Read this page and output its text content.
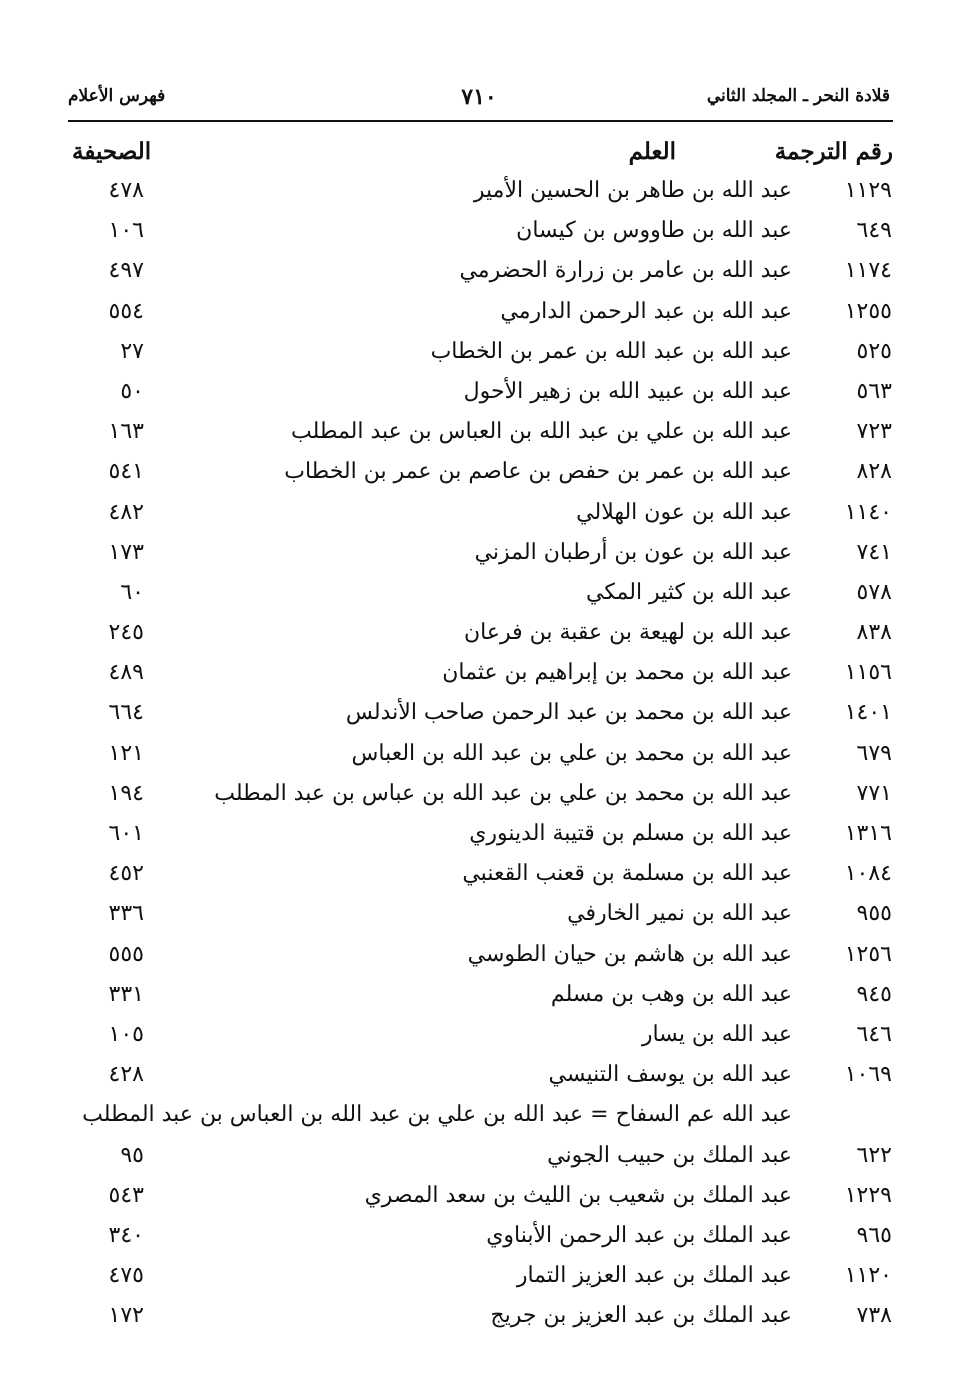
قلادة النحر ـ المجلد الثاني
٧١٠
فهرس الأعلام
رقم الترجمة
العلم
الصحيفة
١١٢٩
عبد الله بن طاهر بن الحسين الأمير
٤٧٨
٦٤٩
عبد الله بن طاووس بن كيسان
١٠٦
١١٧٤
عبد الله بن عامر بن زرارة الحضرمي
٤٩٧
١٢٥٥
عبد الله بن عبد الرحمن الدارمي
٥٥٤
٥٢٥
عبد الله بن عبد الله بن عمر بن الخطاب
٢٧
٥٦٣
عبد الله بن عبيد الله بن زهير الأحول
٥٠
٧٢٣
عبد الله بن علي بن عبد الله بن العباس بن عبد المطلب
١٦٣
٨٢٨
عبد الله بن عمر بن حفص بن عاصم بن عمر بن الخطاب
٥٤١
١١٤٠
عبد الله بن عون الهلالي
٤٨٢
٧٤١
عبد الله بن عون بن أرطبان المزني
١٧٣
٥٧٨
عبد الله بن كثير المكي
٦٠
٨٣٨
عبد الله بن لهيعة بن عقبة بن فرعان
٢٤٥
١١٥٦
عبد الله بن محمد بن إبراهيم بن عثمان
٤٨٩
١٤٠١
عبد الله بن محمد بن عبد الرحمن صاحب الأندلس
٦٦٤
٦٧٩
عبد الله بن محمد بن علي بن عبد الله بن العباس
١٢١
٧٧١
عبد الله بن محمد بن علي بن عبد الله بن عباس بن عبد المطلب
١٩٤
١٣١٦
عبد الله بن مسلم بن قتيبة الدينوري
٦٠١
١٠٨٤
عبد الله بن مسلمة بن قعنب القعنبي
٤٥٢
٩٥٥
عبد الله بن نمير الخارفي
٣٣٦
١٢٥٦
عبد الله بن هاشم بن حيان الطوسي
٥٥٥
٩٤٥
عبد الله بن وهب بن مسلم
٣٣١
٦٤٦
عبد الله بن يسار
١٠٥
١٠٦٩
عبد الله بن يوسف التنيسي
٤٢٨
عبد الله عم السفاح = عبد الله بن علي بن عبد الله بن العباس بن عبد المطلب
٦٢٢
عبد الملك بن حبيب الجوني
٩٥
١٢٢٩
عبد الملك بن شعيب بن الليث بن سعد المصري
٥٤٣
٩٦٥
عبد الملك بن عبد الرحمن الأبناوي
٣٤٠
١١٢٠
عبد الملك بن عبد العزيز التمار
٤٧٥
٧٣٨
عبد الملك بن عبد العزيز بن جريج
١٧٢
